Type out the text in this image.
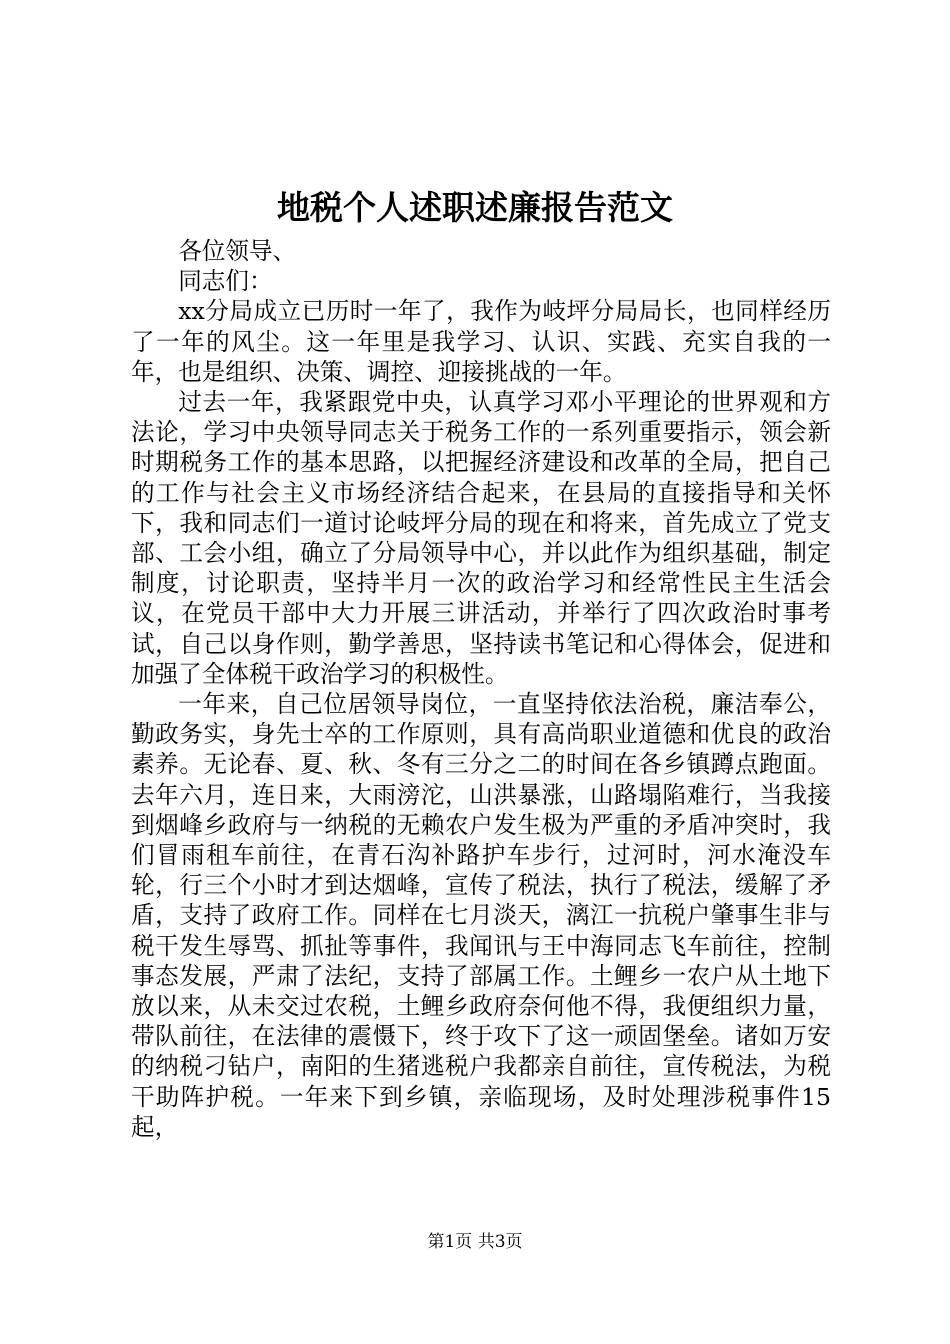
地税个人述职述廉报告范文

各位领导、

同志们：

xx分局成立已历时一年了，我作为岐坪分局局长，也同样经历了一年的风尘。这一年里是我学习、认识、实践、充实自我的一年，也是组织、决策、调控、迎接挑战的一年。

过去一年，我紧跟党中央，认真学习邓小平理论的世界观和方法论，学习中央领导同志关于税务工作的一系列重要指示，领会新时期税务工作的基本思路，以把握经济建设和改革的全局，把自己的工作与社会主义市场经济结合起来，在县局的直接指导和关怀下，我和同志们一道讨论岐坪分局的现在和将来，首先成立了党支部、工会小组，确立了分局领导中心，并以此作为组织基础，制定制度，讨论职责，坚持半月一次的政治学习和经常性民主生活会议，在党员干部中大力开展三讲活动，并举行了四次政治时事考试，自己以身作则，勤学善思，坚持读书笔记和心得体会，促进和加强了全体税干政治学习的积极性。

一年来，自己位居领导岗位，一直坚持依法治税，廉洁奉公，勤政务实，身先士卒的工作原则，具有高尚职业道德和优良的政治素养。无论春、夏、秋、冬有三分之二的时间在各乡镇蹲点跑面。去年六月，连日来，大雨滂沱，山洪暴涨，山路塌陷难行，当我接到烟峰乡政府与一纳税的无赖农户发生极为严重的矛盾冲突时，我们冒雨租车前往，在青石沟补路护车步行，过河时，河水淹没车轮，行三个小时才到达烟峰，宣传了税法，执行了税法，缓解了矛盾，支持了政府工作。同样在七月淡天，漓江一抗税户肇事生非与税干发生辱骂、抓扯等事件，我闻讯与王中海同志飞车前往，控制事态发展，严肃了法纪，支持了部属工作。土鲤乡一农户从土地下放以来，从未交过农税，土鲤乡政府奈何他不得，我便组织力量，带队前往，在法律的震慑下，终于攻下了这一顽固堡垒。诸如万安的纳税刁钻户，南阳的生猪逃税户我都亲自前往，宣传税法，为税干助阵护税。一年来下到乡镇，亲临现场，及时处理涉税事件15起，

第1页 共3页
